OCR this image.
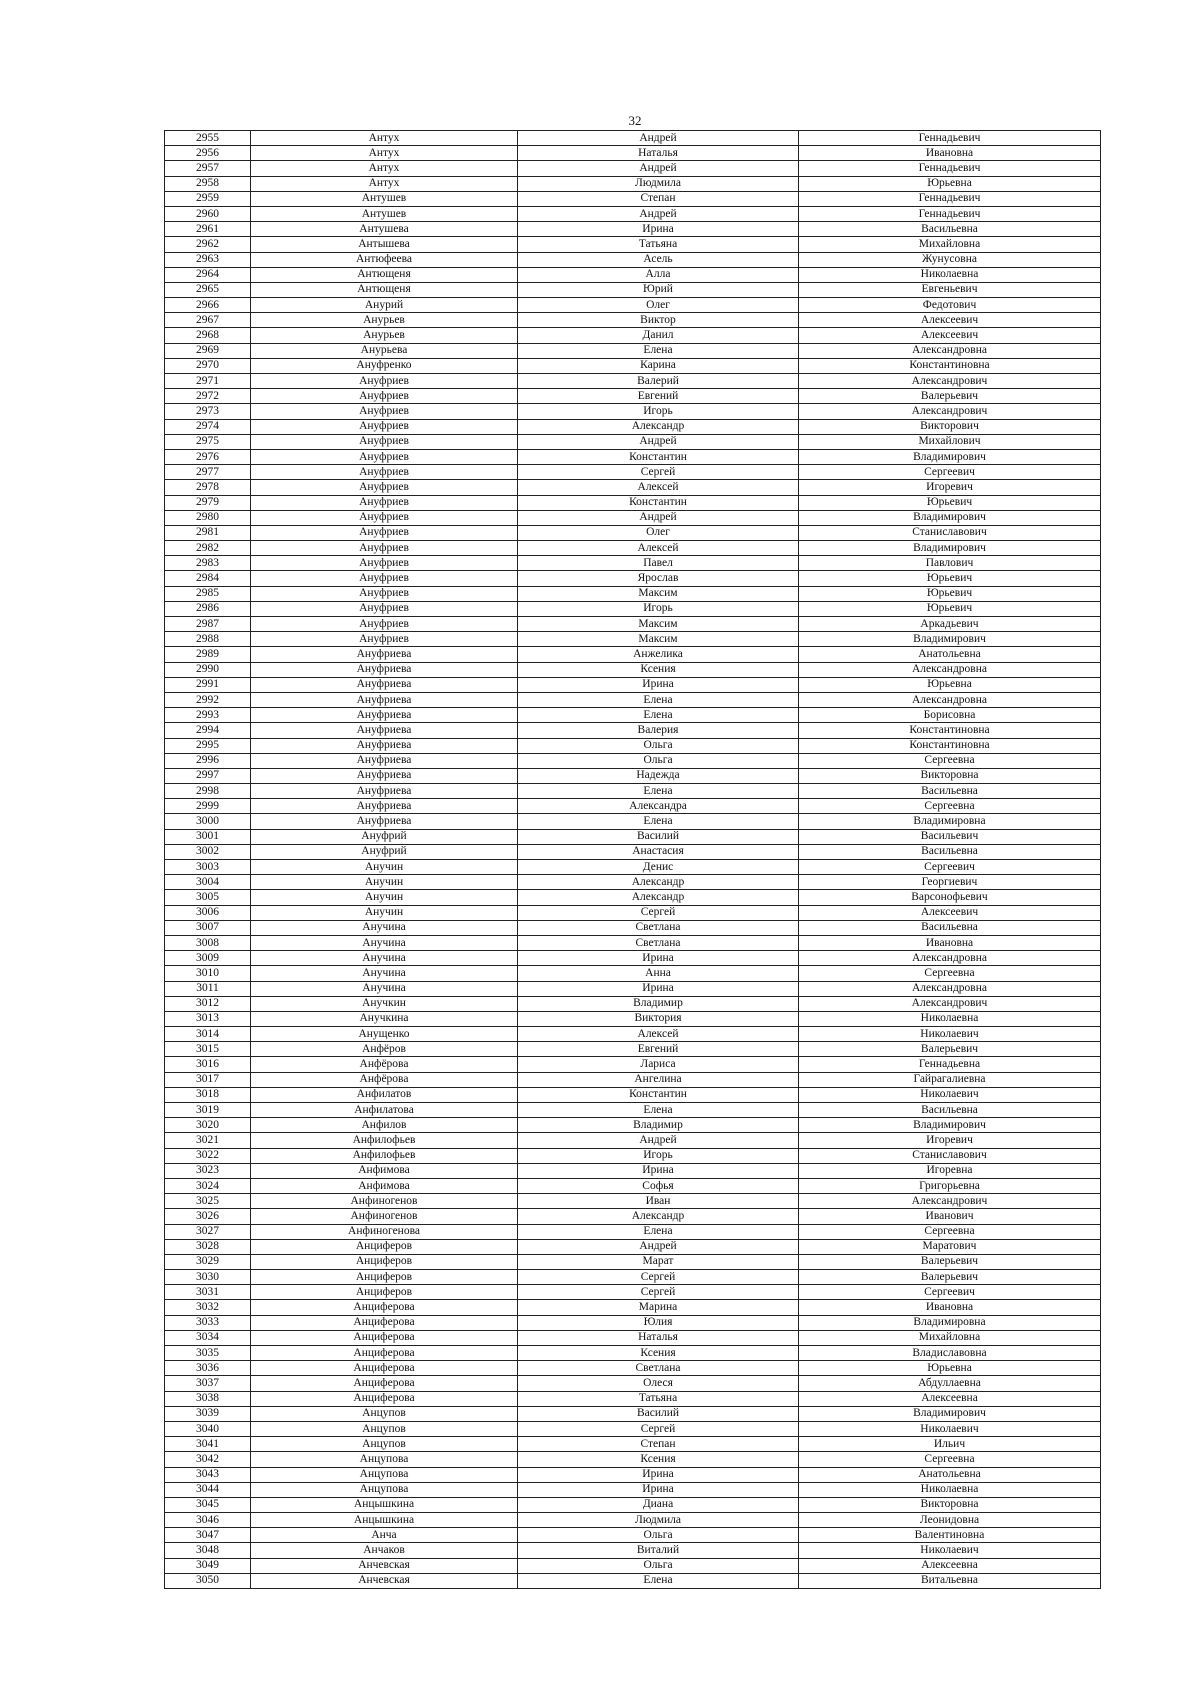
32
2955	Антух	Андрей	Геннадьевич
2956	Антух	Наталья	Ивановна
2957	Антух	Андрей	Геннадьевич
2958	Антух	Людмила	Юрьевна
2959	Антушев	Степан	Геннадьевич
2960	Антушев	Андрей	Геннадьевич
2961	Антушева	Ирина	Васильевна
2962	Антышева	Татьяна	Михайловна
2963	Антюфеева	Асель	Жунусовна
2964	Антющеня	Алла	Николаевна
2965	Антющеня	Юрий	Евгеньевич
2966	Анурий	Олег	Федотович
2967	Анурьев	Виктор	Алексеевич
2968	Анурьев	Данил	Алексеевич
2969	Анурьева	Елена	Александровна
2970	Ануфренко	Карина	Константиновна
2971	Ануфриев	Валерий	Александрович
2972	Ануфриев	Евгений	Валерьевич
2973	Ануфриев	Игорь	Александрович
2974	Ануфриев	Александр	Викторович
2975	Ануфриев	Андрей	Михайлович
2976	Ануфриев	Константин	Владимирович
2977	Ануфриев	Сергей	Сергеевич
2978	Ануфриев	Алексей	Игоревич
2979	Ануфриев	Константин	Юрьевич
2980	Ануфриев	Андрей	Владимирович
2981	Ануфриев	Олег	Станиславович
2982	Ануфриев	Алексей	Владимирович
2983	Ануфриев	Павел	Павлович
2984	Ануфриев	Ярослав	Юрьевич
2985	Ануфриев	Максим	Юрьевич
2986	Ануфриев	Игорь	Юрьевич
2987	Ануфриев	Максим	Аркадьевич
2988	Ануфриев	Максим	Владимирович
2989	Ануфриева	Анжелика	Анатольевна
2990	Ануфриева	Ксения	Александровна
2991	Ануфриева	Ирина	Юрьевна
2992	Ануфриева	Елена	Александровна
2993	Ануфриева	Елена	Борисовна
2994	Ануфриева	Валерия	Константиновна
2995	Ануфриева	Ольга	Константиновна
2996	Ануфриева	Ольга	Сергеевна
2997	Ануфриева	Надежда	Викторовна
2998	Ануфриева	Елена	Васильевна
2999	Ануфриева	Александра	Сергеевна
3000	Ануфриева	Елена	Владимировна
3001	Ануфрий	Василий	Васильевич
3002	Ануфрий	Анастасия	Васильевна
3003	Анучин	Денис	Сергеевич
3004	Анучин	Александр	Георгиевич
3005	Анучин	Александр	Варсонофьевич
3006	Анучин	Сергей	Алексеевич
3007	Анучина	Светлана	Васильевна
3008	Анучина	Светлана	Ивановна
3009	Анучина	Ирина	Александровна
3010	Анучина	Анна	Сергеевна
3011	Анучина	Ирина	Александровна
3012	Анучкин	Владимир	Александрович
3013	Анучкина	Виктория	Николаевна
3014	Анущенко	Алексей	Николаевич
3015	Анфёров	Евгений	Валерьевич
3016	Анфёрова	Лариса	Геннадьевна
3017	Анфёрова	Ангелина	Гайрагалиевна
3018	Анфилатов	Константин	Николаевич
3019	Анфилатова	Елена	Васильевна
3020	Анфилов	Владимир	Владимирович
3021	Анфилофьев	Андрей	Игоревич
3022	Анфилофьев	Игорь	Станиславович
3023	Анфимова	Ирина	Игоревна
3024	Анфимова	Софья	Григорьевна
3025	Анфиногенов	Иван	Александрович
3026	Анфиногенов	Александр	Иванович
3027	Анфиногенова	Елена	Сергеевна
3028	Анциферов	Андрей	Маратович
3029	Анциферов	Марат	Валерьевич
3030	Анциферов	Сергей	Валерьевич
3031	Анциферов	Сергей	Сергеевич
3032	Анциферова	Марина	Ивановна
3033	Анциферова	Юлия	Владимировна
3034	Анциферова	Наталья	Михайловна
3035	Анциферова	Ксения	Владиславовна
3036	Анциферова	Светлана	Юрьевна
3037	Анциферова	Олеся	Абдуллаевна
3038	Анциферова	Татьяна	Алексеевна
3039	Анцупов	Василий	Владимирович
3040	Анцупов	Сергей	Николаевич
3041	Анцупов	Степан	Ильич
3042	Анцупова	Ксения	Сергеевна
3043	Анцупова	Ирина	Анатольевна
3044	Анцупова	Ирина	Николаевна
3045	Анцышкина	Диана	Викторовна
3046	Анцышкина	Людмила	Леонидовна
3047	Анча	Ольга	Валентиновна
3048	Анчаков	Виталий	Николаевич
3049	Анчевская	Ольга	Алексеевна
3050	Анчевская	Елена	Витальевна
